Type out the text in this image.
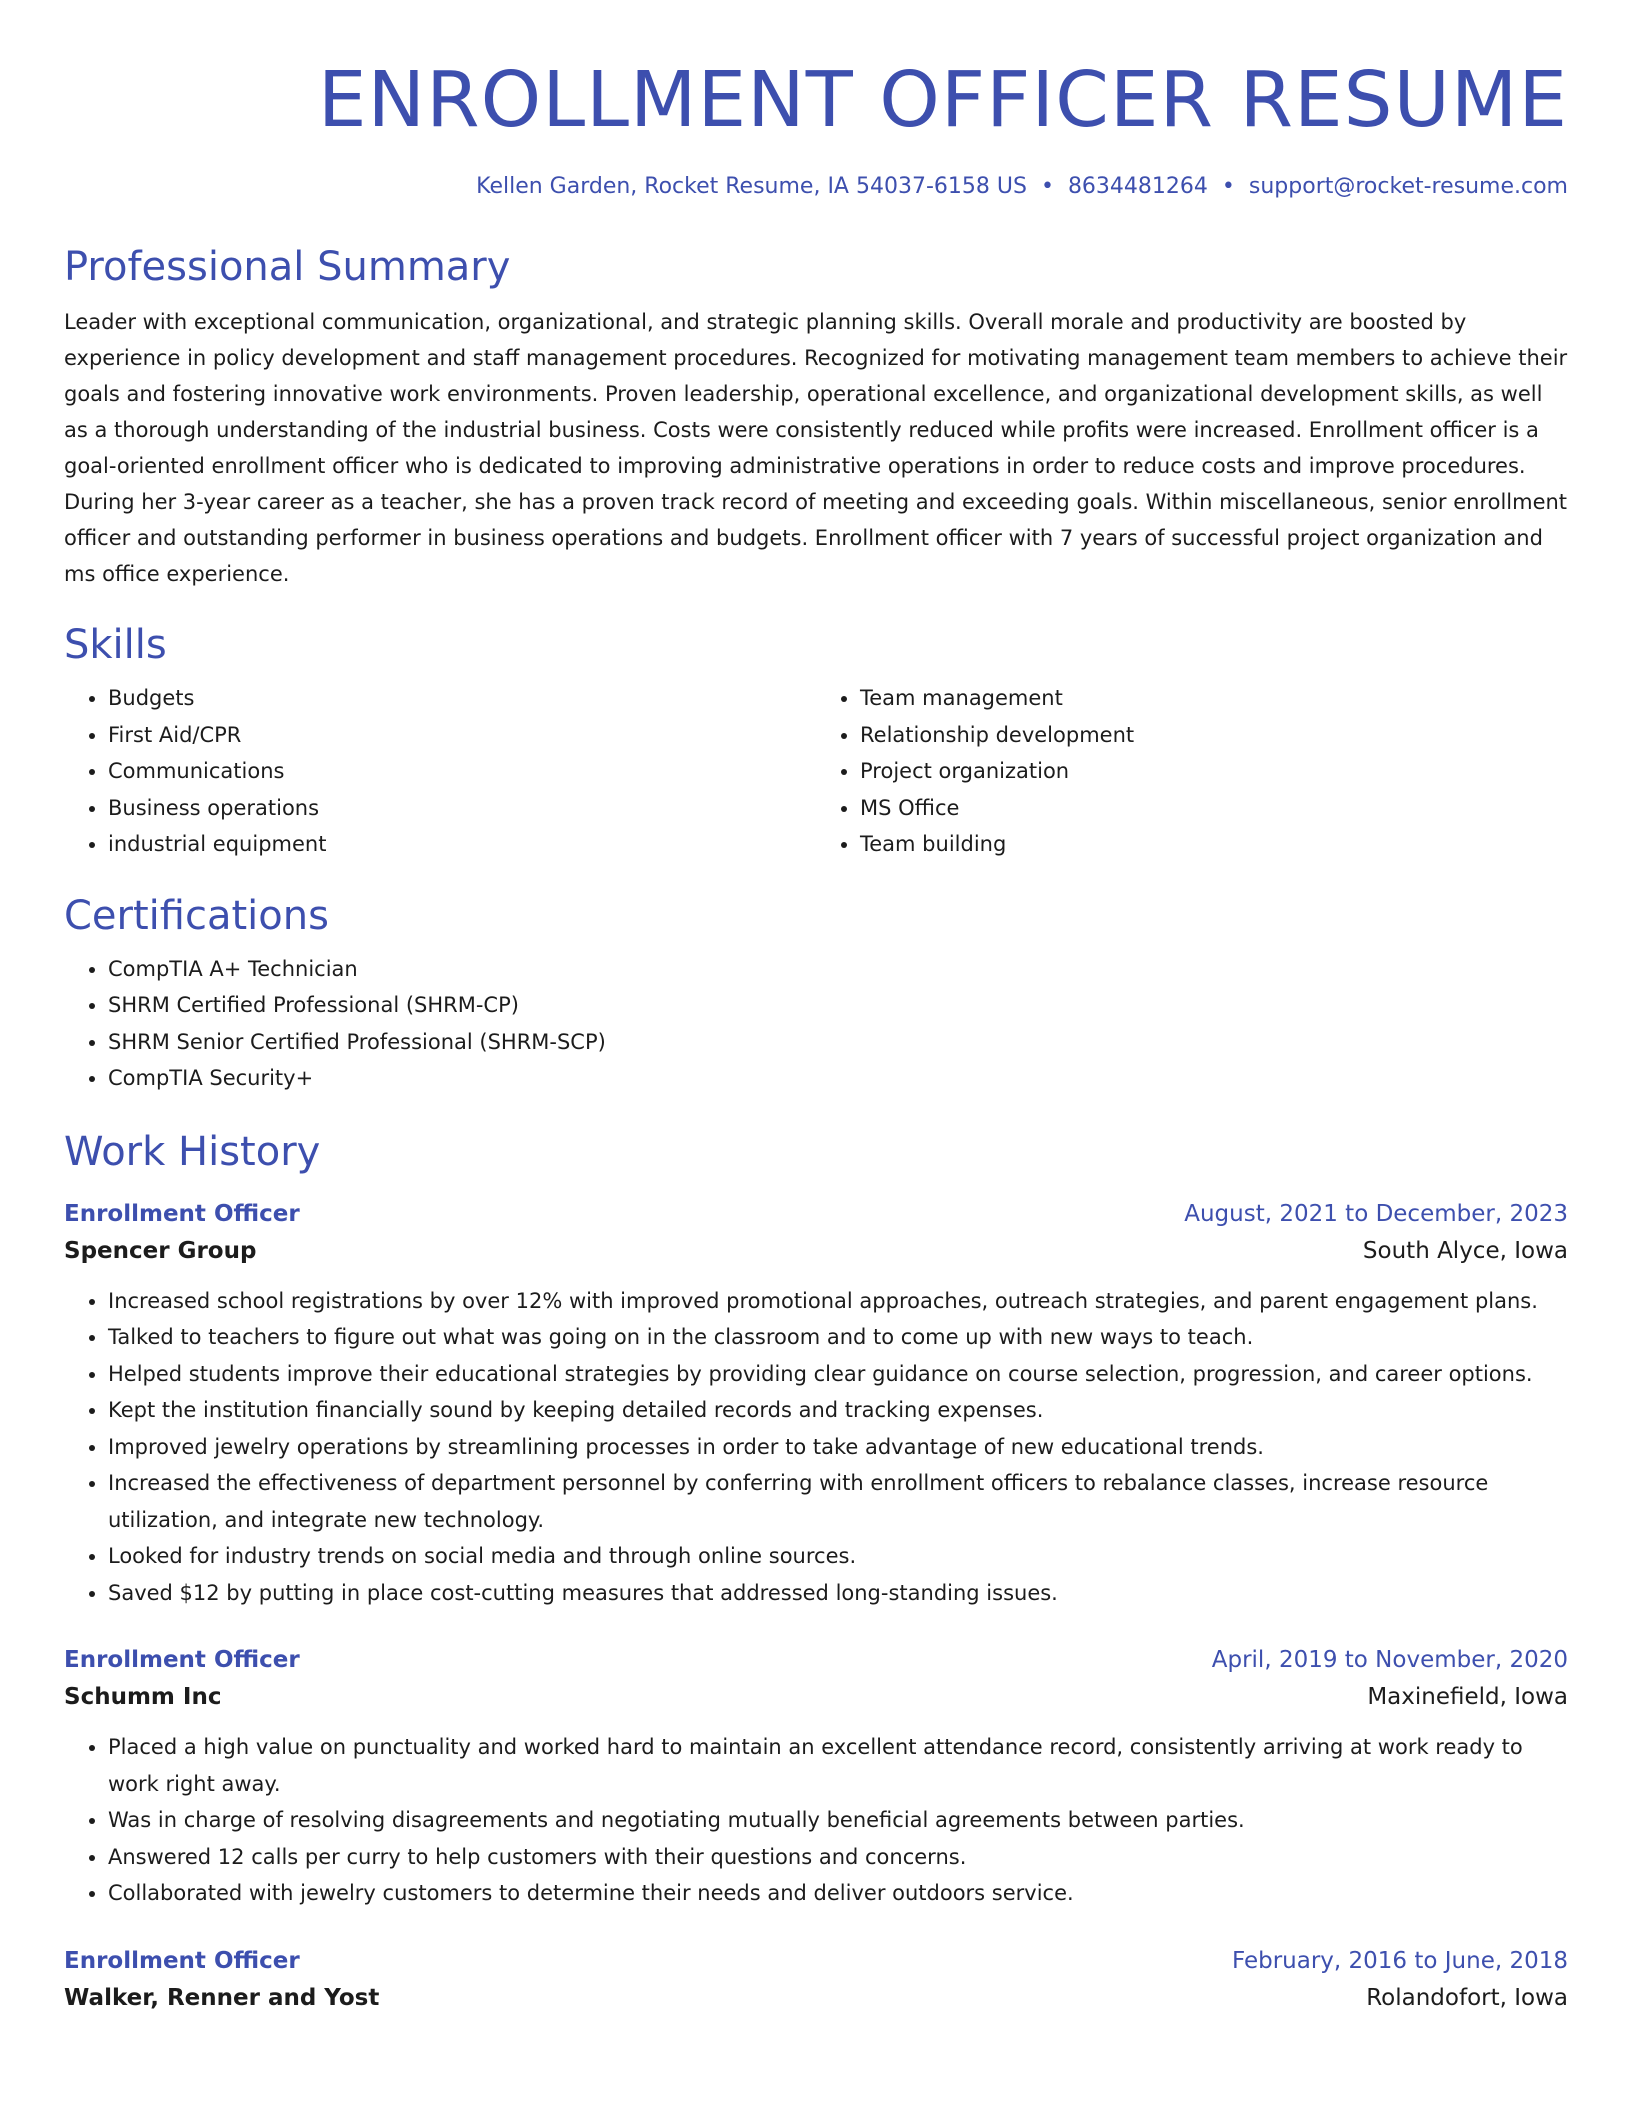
ENROLLMENT OFFICER RESUME
Kellen Garden, Rocket Resume, IA 54037-6158 US • 8634481264 • support@rocket-resume.com
Professional Summary
Leader with exceptional communication, organizational, and strategic planning skills. Overall morale and productivity are boosted by experience in policy development and staff management procedures. Recognized for motivating management team members to achieve their goals and fostering innovative work environments. Proven leadership, operational excellence, and organizational development skills, as well as a thorough understanding of the industrial business. Costs were consistently reduced while profits were increased. Enrollment officer is a goal-oriented enrollment officer who is dedicated to improving administrative operations in order to reduce costs and improve procedures. During her 3-year career as a teacher, she has a proven track record of meeting and exceeding goals. Within miscellaneous, senior enrollment officer and outstanding performer in business operations and budgets. Enrollment officer with 7 years of successful project organization and ms office experience.
Skills
• Budgets
• First Aid/CPR
• Communications
• Business operations
• industrial equipment
• Team management
• Relationship development
• Project organization
• MS Office
• Team building
Certifications
• CompTIA A+ Technician
• SHRM Certified Professional (SHRM-CP)
• SHRM Senior Certified Professional (SHRM-SCP)
• CompTIA Security+
Work History
Enrollment Officer	August, 2021 to December, 2023
Spencer Group	South Alyce, Iowa
• Increased school registrations by over 12% with improved promotional approaches, outreach strategies, and parent engagement plans.
• Talked to teachers to figure out what was going on in the classroom and to come up with new ways to teach.
• Helped students improve their educational strategies by providing clear guidance on course selection, progression, and career options.
• Kept the institution financially sound by keeping detailed records and tracking expenses.
• Improved jewelry operations by streamlining processes in order to take advantage of new educational trends.
• Increased the effectiveness of department personnel by conferring with enrollment officers to rebalance classes, increase resource utilization, and integrate new technology.
• Looked for industry trends on social media and through online sources.
• Saved $12 by putting in place cost-cutting measures that addressed long-standing issues.
Enrollment Officer	April, 2019 to November, 2020
Schumm Inc	Maxinefield, Iowa
• Placed a high value on punctuality and worked hard to maintain an excellent attendance record, consistently arriving at work ready to work right away.
• Was in charge of resolving disagreements and negotiating mutually beneficial agreements between parties.
• Answered 12 calls per curry to help customers with their questions and concerns.
• Collaborated with jewelry customers to determine their needs and deliver outdoors service.
Enrollment Officer	February, 2016 to June, 2018
Walker, Renner and Yost	Rolandofort, Iowa
